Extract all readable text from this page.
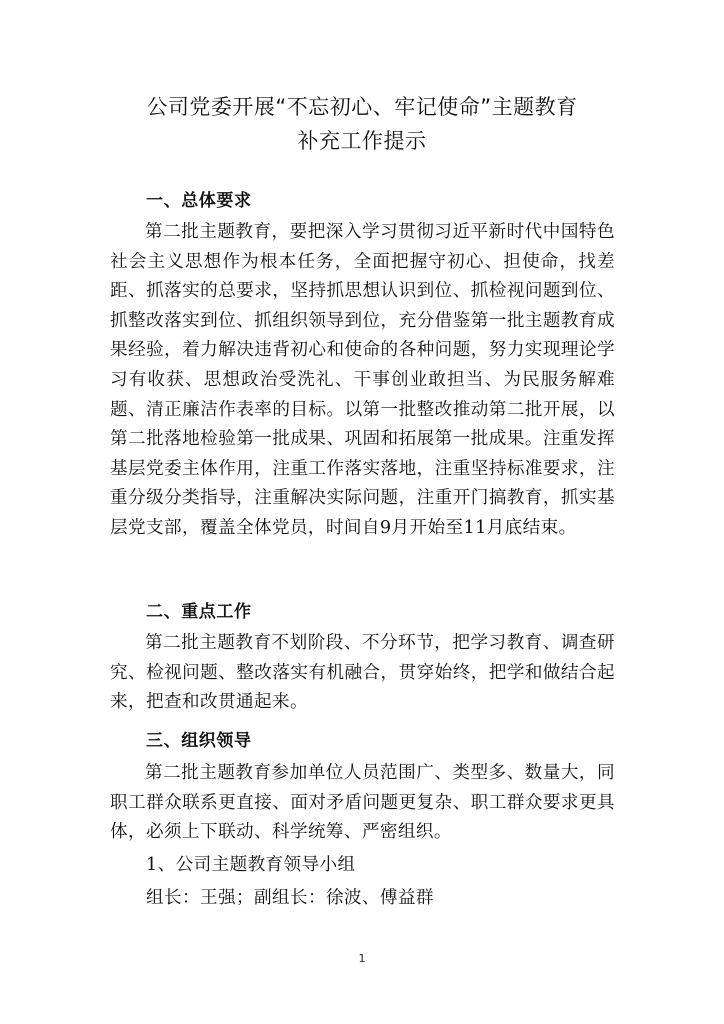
公司党委开展“不忘初心、牢记使命”主题教育
补充工作提示
一、总体要求

第二批主题教育，要把深入学习贯彻习近平新时代中国特色社会主义思想作为根本任务，全面把握守初心、担使命，找差距、抓落实的总要求，坚持抓思想认识到位、抓检视问题到位、抓整改落实到位、抓组织领导到位，充分借鉴第一批主题教育成果经验，着力解决违背初心和使命的各种问题，努力实现理论学习有收获、思想政治受洗礼、干事创业敢担当、为民服务解难题、清正廉洁作表率的目标。以第一批整改推动第二批开展，以第二批落地检验第一批成果、巩固和拓展第一批成果。注重发挥基层党委主体作用，注重工作落实落地，注重坚持标准要求，注重分级分类指导，注重解决实际问题，注重开门搞教育，抓实基层党支部，覆盖全体党员，时间自9月开始至11月底结束。

二、重点工作

第二批主题教育不划阶段、不分环节，把学习教育、调查研究、检视问题、整改落实有机融合，贯穿始终，把学和做结合起来，把查和改贯通起来。

三、组织领导

第二批主题教育参加单位人员范围广、类型多、数量大，同职工群众联系更直接、面对矛盾问题更复杂、职工群众要求更具体，必须上下联动、科学统筹、严密组织。

1、公司主题教育领导小组
组长：王强；副组长：徐波、傅益群
1
